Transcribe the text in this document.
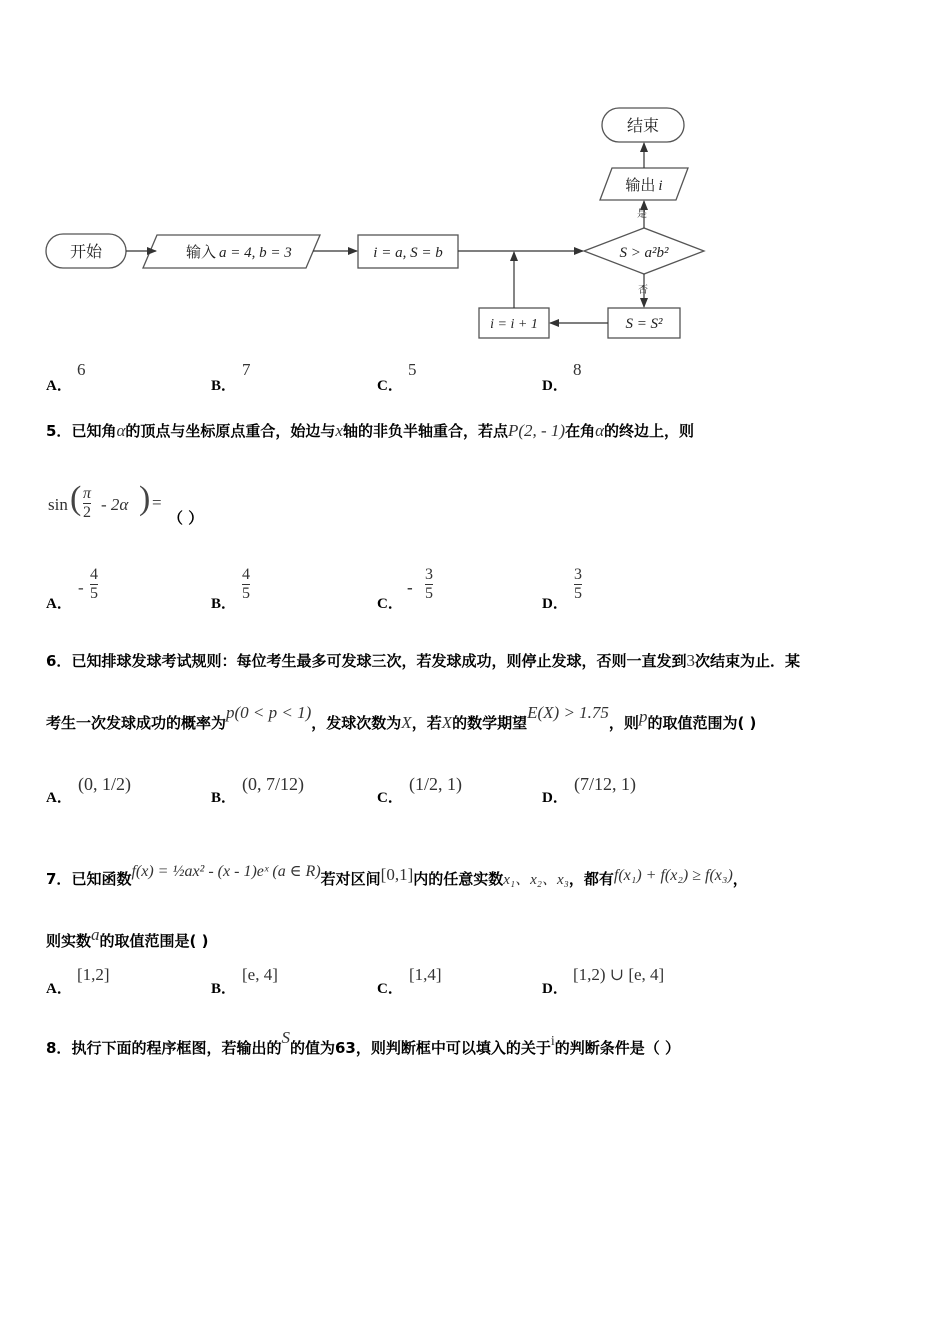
开始	输入 a = 4, b = 3	i = a, S = b	S > a²b²
是
否
输出 i
结束
S = S²
i = i + 1
A．
6
B．
7
C．
5
D．
8
5．已知角α的顶点与坐标原点重合，始边与x轴的非负半轴重合，若点P(2, - 1)在角α的终边上，则
sin ( π
2 - 2α ) =
（ ）
A．
-
4
5
B．
4
5
C．
-
3
5
D．
3
5
6．已知排球发球考试规则：每位考生最多可发球三次，若发球成功，则停止发球，否则一直发到3次结束为止．某
考生一次发球成功的概率为p(0 < p < 1)，发球次数为X，若X的数学期望E(X) > 1.75，则p的取值范围为( )
A．
(0, 1/2)
B．
(0, 7/12)
C．
(1/2, 1)
D．
(7/12, 1)
7．已知函数f(x) = ½ax² - (x - 1)eˣ (a ∈ R)若对区间[0,1]内的任意实数x₁、x₂、x₃，都有f(x₁) + f(x₂) ≥ f(x₃)，
则实数a的取值范围是( )
A．
[1,2]
B．
[e, 4]
C．
[1,4]
D．
[1,2) ∪ [e, 4]
8．执行下面的程序框图，若输出的S的值为63，则判断框中可以填入的关于i的判断条件是（ ）
